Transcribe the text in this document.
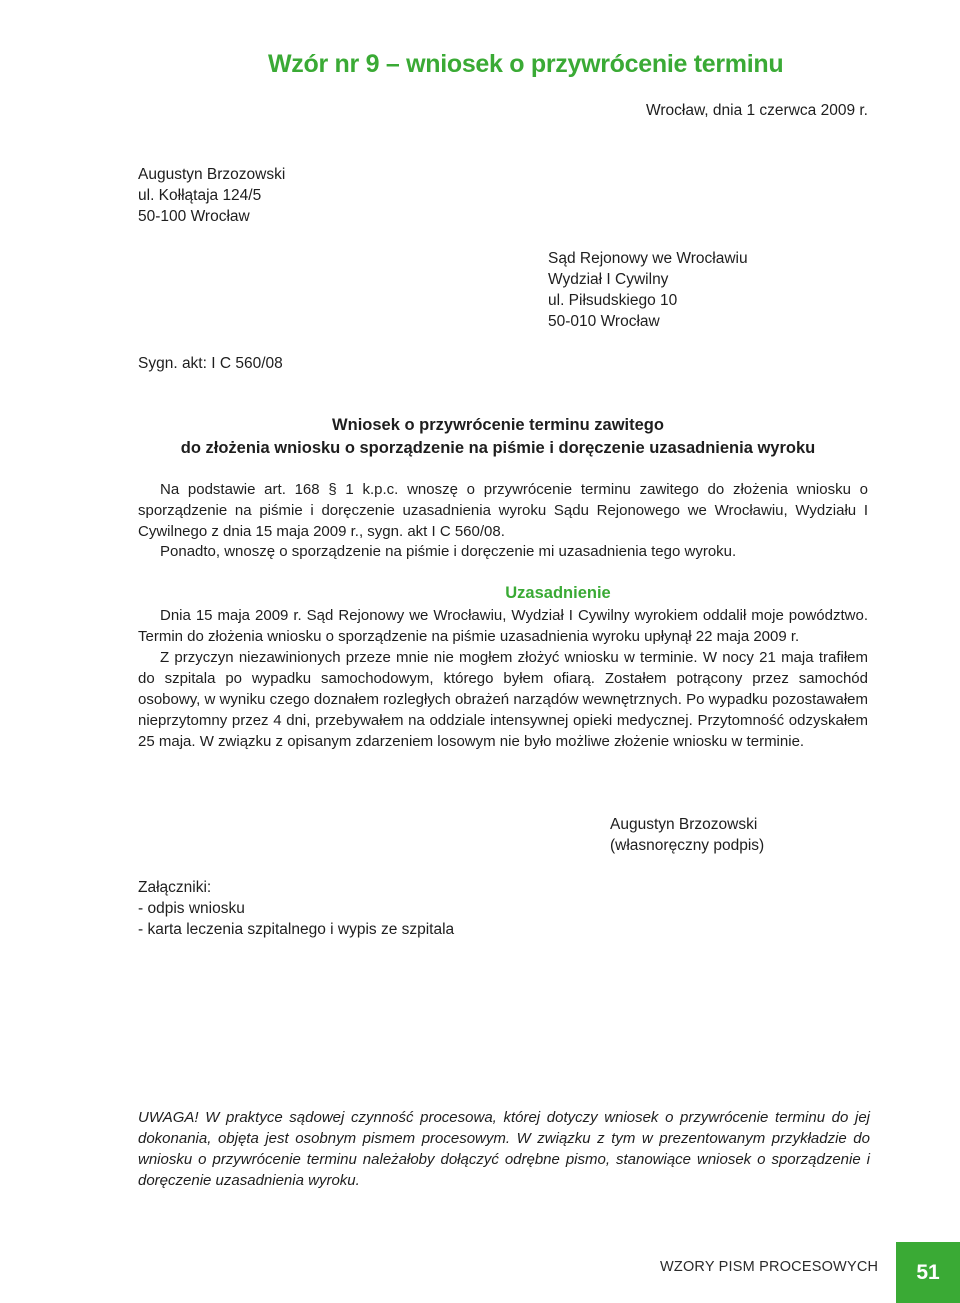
Wzór nr 9 – wniosek o przywrócenie terminu
Wrocław, dnia 1 czerwca 2009 r.
Augustyn Brzozowski
ul. Kołłątaja 124/5
50-100 Wrocław
Sąd Rejonowy we Wrocławiu
Wydział I Cywilny
ul. Piłsudskiego 10
50-010 Wrocław
Sygn. akt: I C 560/08
Wniosek o przywrócenie terminu zawitego
do złożenia wniosku o sporządzenie na piśmie i doręczenie uzasadnienia wyroku
Na podstawie art. 168 § 1 k.p.c. wnoszę o przywrócenie terminu zawitego do złożenia wniosku o sporządzenie na piśmie i doręczenie uzasadnienia wyroku Sądu Rejonowego we Wrocławiu, Wydziału I Cywilnego z dnia 15 maja 2009 r., sygn. akt I C 560/08.
Ponadto, wnoszę o sporządzenie na piśmie i doręczenie mi uzasadnienia tego wyroku.
Uzasadnienie

Dnia 15 maja 2009 r. Sąd Rejonowy we Wrocławiu, Wydział I Cywilny wyrokiem oddalił moje powództwo. Termin do złożenia wniosku o sporządzenie na piśmie uzasadnienia wyroku upłynął 22 maja 2009 r.

Z przyczyn niezawinionych przeze mnie nie mogłem złożyć wniosku w terminie. W nocy 21 maja trafiłem do szpitala po wypadku samochodowym, którego byłem ofiarą. Zostałem potrącony przez samochód osobowy, w wyniku czego doznałem rozległych obrażeń narządów wewnętrznych. Po wypadku pozostawałem nieprzytomny przez 4 dni, przebywałem na oddziale intensywnej opieki medycznej. Przytomność odzyskałem 25 maja. W związku z opisanym zdarzeniem losowym nie było możliwe złożenie wniosku w terminie.

Augustyn Brzozowski
(własnoręczny podpis)
Załączniki:
- odpis wniosku
- karta leczenia szpitalnego i wypis ze szpitala
UWAGA! W praktyce sądowej czynność procesowa, której dotyczy wniosek o przywrócenie terminu do jej dokonania, objęta jest osobnym pismem procesowym. W związku z tym w prezentowanym przykładzie do wniosku o przywrócenie terminu należałoby dołączyć odrębne pismo, stanowiące wniosek o sporządzenie i doręczenie uzasadnienia wyroku.
WZORY PISM PROCESOWYCH	51
